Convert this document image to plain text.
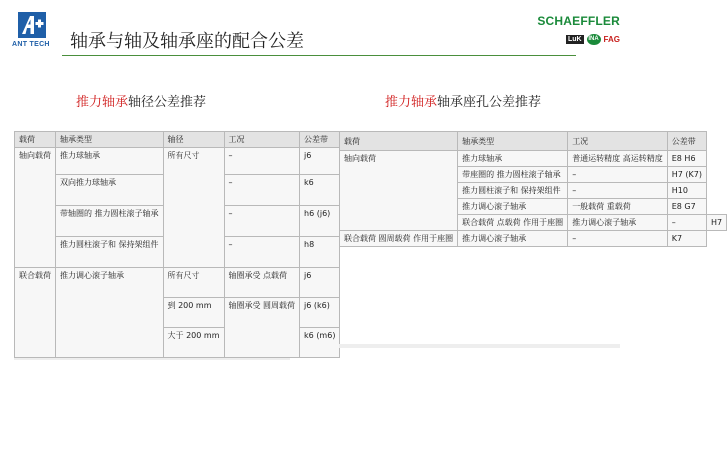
ANT TECH 轴承与轴及轴承座的配合公差
SCHAEFFLER
LuK	INA FAG
推力轴承轴径公差推荐	推力轴承轴承座孔公差推荐
载荷	轴承类型	轴径	工况	公差带
轴向载荷	推力球轴承	所有尺寸	–	j6
	双向推力球轴承		–	k6
	带轴圈的 推力圆柱滚子轴承		–	h6 (j6)
	推力圆柱滚子和 保持架组件		–	h8
联合载荷	推力调心滚子轴承	所有尺寸	轴圈承受 点载荷	j6
		到 200 mm	轴圈承受 圆周载荷	j6 (k6)
		大于 200 mm		k6 (m6)
载荷	轴承类型	工况	公差带	
轴向载荷	推力球轴承	普通运转精度 高运转精度	E8 H6	
	带座圈的 推力圆柱滚子轴承	–	H7 (K7)	
	推力圆柱滚子和 保持架组件	–	H10	
	推力调心滚子轴承	一般载荷 重载荷	E8 G7	
	联合载荷 点载荷 作用于座圈	推力调心滚子轴承	–	H7
联合载荷 圆周载荷 作用于座圈	推力调心滚子轴承	–	K7	
